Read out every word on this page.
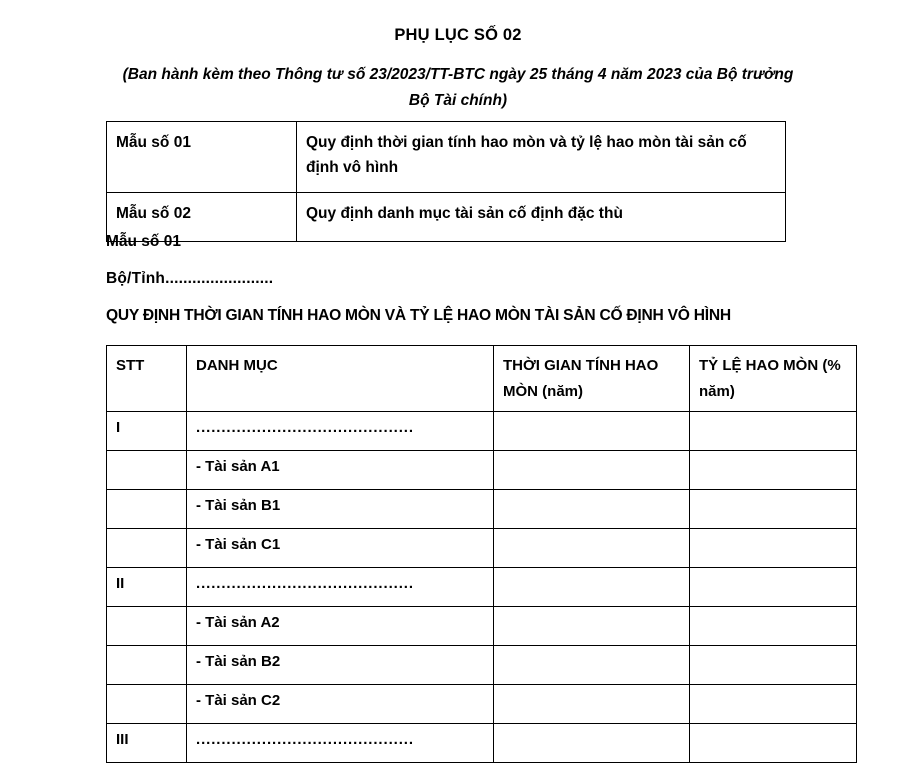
PHỤ LỤC SỐ 02
(Ban hành kèm theo Thông tư số 23/2023/TT-BTC ngày 25 tháng 4 năm 2023 của Bộ trưởng Bộ Tài chính)
Mẫu số 01	Quy định thời gian tính hao mòn và tỷ lệ hao mòn tài sản cố định vô hình
Mẫu số 02	Quy định danh mục tài sản cố định đặc thù
Mẫu số 01
Bộ/Tỉnh........................
QUY ĐỊNH THỜI GIAN TÍNH HAO MÒN VÀ TỶ LỆ HAO MÒN TÀI SẢN CỐ ĐỊNH VÔ HÌNH
STT	DANH MỤC	THỜI GIAN TÍNH HAO MÒN (năm)	TỶ LỆ HAO MÒN (% năm)
I	...........................................		
	- Tài sản A1		
	- Tài sản B1		
	- Tài sản C1		
II	...........................................		
	- Tài sản A2		
	- Tài sản B2		
	- Tài sản C2		
III	...........................................		
